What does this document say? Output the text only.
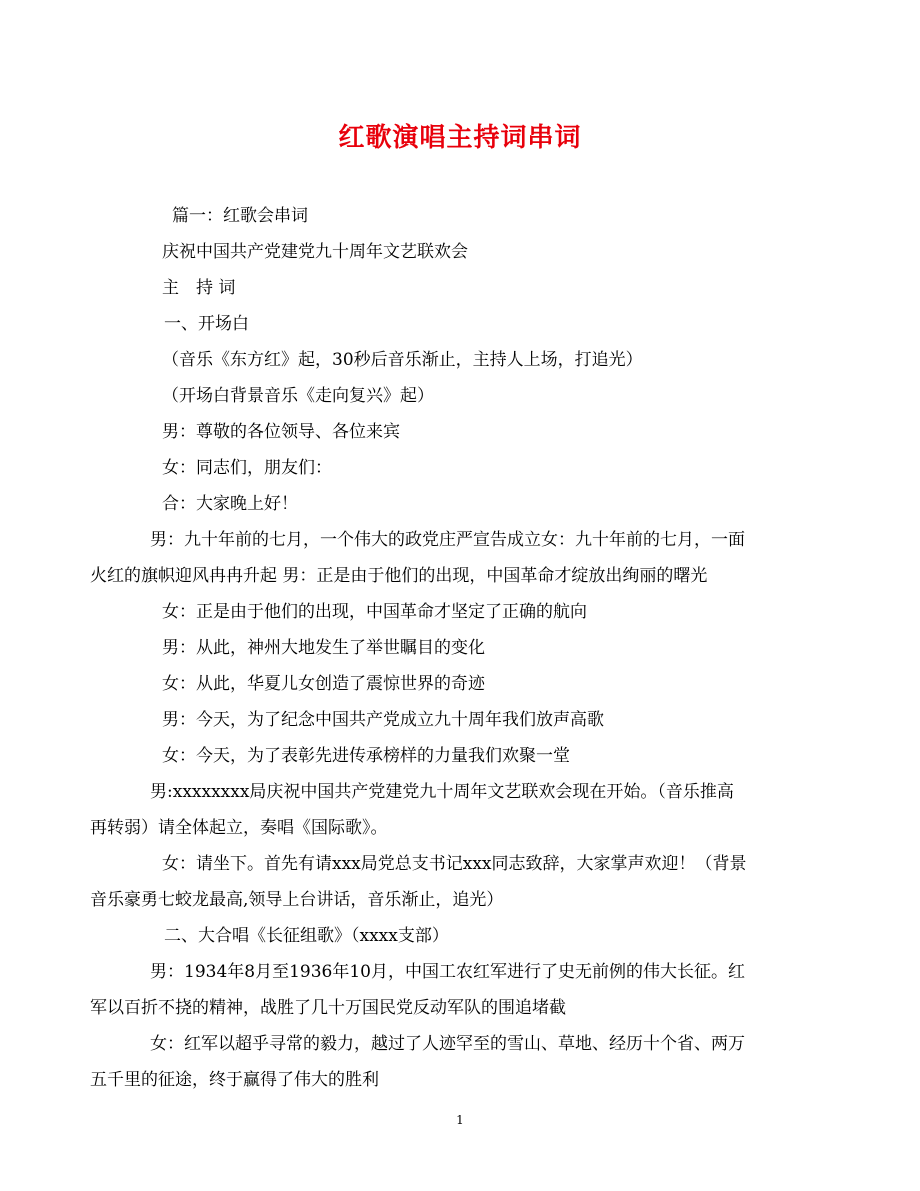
红歌演唱主持词串词
篇一：红歌会串词
庆祝中国共产党建党九十周年文艺联欢会
主　持 词
一、开场白
（音乐《东方红》起，30秒后音乐渐止，主持人上场，打追光）
（开场白背景音乐《走向复兴》起）
男：尊敬的各位领导、各位来宾
女：同志们，朋友们：
合：大家晚上好！
男：九十年前的七月，一个伟大的政党庄严宣告成立女：九十年前的七月，一面
火红的旗帜迎风冉冉升起 男：正是由于他们的出现，中国革命才绽放出绚丽的曙光
女：正是由于他们的出现，中国革命才坚定了正确的航向
男：从此，神州大地发生了举世瞩目的变化
女：从此，华夏儿女创造了震惊世界的奇迹
男：今天，为了纪念中国共产党成立九十周年我们放声高歌
女：今天，为了表彰先进传承榜样的力量我们欢聚一堂
男:xxxxxxxx局庆祝中国共产党建党九十周年文艺联欢会现在开始。（音乐推高
再转弱）请全体起立，奏唱《国际歌》。
女：请坐下。首先有请xxx局党总支书记xxx同志致辞，大家掌声欢迎！（背景
音乐豪勇七蛟龙最高,领导上台讲话，音乐渐止，追光）
二、大合唱《长征组歌》（xxxx支部）
男：1934年8月至1936年10月，中国工农红军进行了史无前例的伟大长征。红
军以百折不挠的精神，战胜了几十万国民党反动军队的围追堵截
女：红军以超乎寻常的毅力，越过了人迹罕至的雪山、草地、经历十个省、两万
五千里的征途，终于赢得了伟大的胜利
1
